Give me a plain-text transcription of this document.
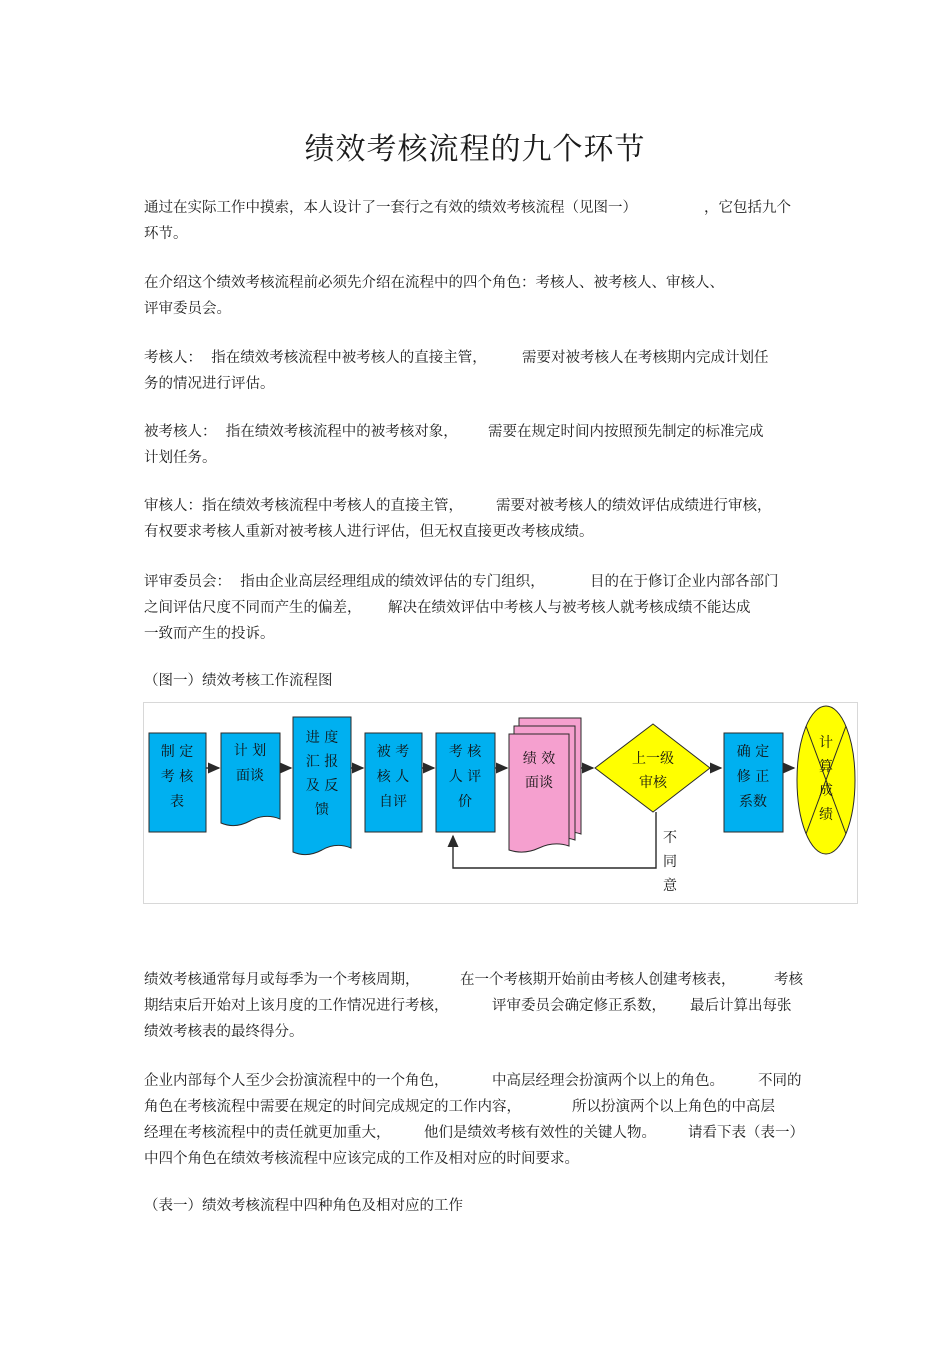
绩效考核流程的九个环节
通过在实际工作中摸索，本人设计了一套行之有效的绩效考核流程（见图一）	，它包括九个
环节。
在介绍这个绩效考核流程前必须先介绍在流程中的四个角色：考核人、被考核人、审核人、
评审委员会。
考核人：  指在绩效考核流程中被考核人的直接主管， 需要对被考核人在考核期内完成计划任
务的情况进行评估。
被考核人：  指在绩效考核流程中的被考核对象， 需要在规定时间内按照预先制定的标准完成
计划任务。
审核人：指在绩效考核流程中考核人的直接主管， 需要对被考核人的绩效评估成绩进行审核，
有权要求考核人重新对被考核人进行评估，但无权直接更改考核成绩。
评审委员会：  指由企业高层经理组成的绩效评估的专门组织，	目的在于修订企业内部各部门
之间评估尺度不同而产生的偏差， 解决在绩效评估中考核人与被考核人就考核成绩不能达成
一致而产生的投诉。
（图一）绩效考核工作流程图
制 定
考 核
表
计 划
面谈
进 度
汇 报
及 反
馈
被 考
核 人
自评
考 核
人 评
价
绩 效
面谈
上一级
审核
不
同
意
确 定
修 正
系数
计
算
成
绩
绩效考核通常每月或每季为一个考核周期，	在一个考核期开始前由考核人创建考核表，	考核
期结束后开始对上该月度的工作情况进行考核，	评审委员会确定修正系数， 最后计算出每张
绩效考核表的最终得分。
企业内部每个人至少会扮演流程中的一个角色，	中高层经理会扮演两个以上的角色。 不同的
角色在考核流程中需要在规定的时间完成规定的工作内容，	所以扮演两个以上角色的中高层
经理在考核流程中的责任就更加重大， 他们是绩效考核有效性的关键人物。 请看下表（表一）
中四个角色在绩效考核流程中应该完成的工作及相对应的时间要求。
（表一）绩效考核流程中四种角色及相对应的工作
